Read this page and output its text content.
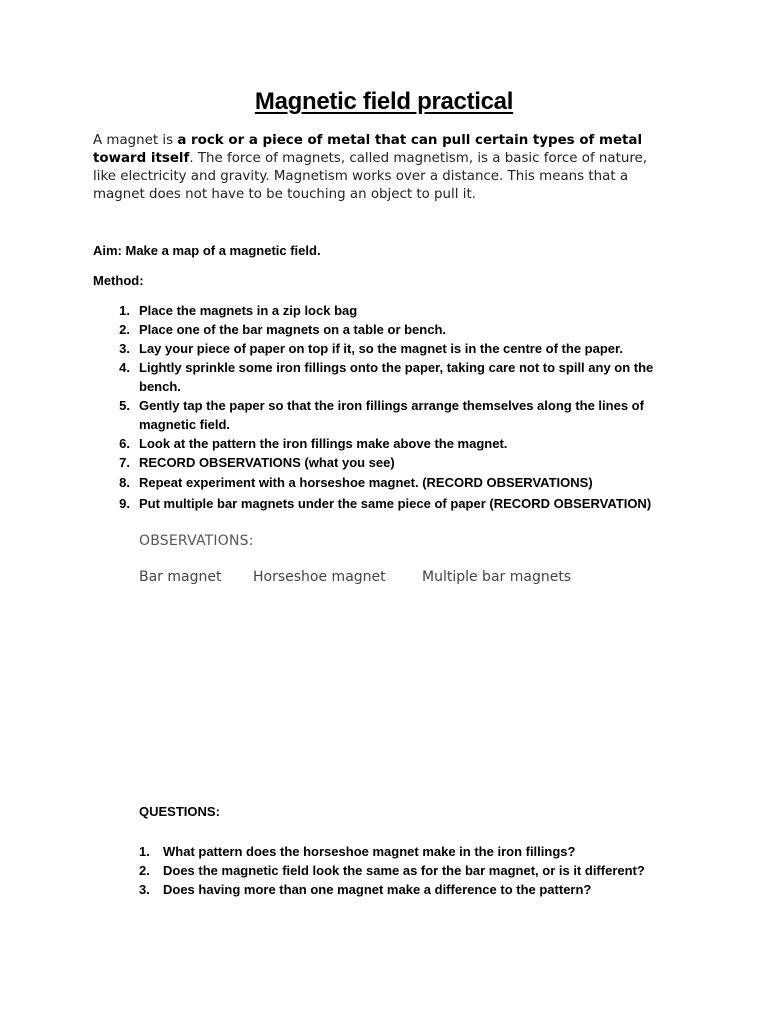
Magnetic field practical

A magnet is a rock or a piece of metal that can pull certain types of metal toward itself. The force of magnets, called magnetism, is a basic force of nature, like electricity and gravity. Magnetism works over a distance. This means that a magnet does not have to be touching an object to pull it.

Aim: Make a map of a magnetic field.
Method:
1. Place the magnets in a zip lock bag
2. Place one of the bar magnets on a table or bench.
3. Lay your piece of paper on top if it, so the magnet is in the centre of the paper.
4. Lightly sprinkle some iron fillings onto the paper, taking care not to spill any on the bench.
5. Gently tap the paper so that the iron fillings arrange themselves along the lines of magnetic field.
6. Look at the pattern the iron fillings make above the magnet.
7. RECORD OBSERVATIONS (what you see)
8. Repeat experiment with a horseshoe magnet. (RECORD OBSERVATIONS)
9. Put multiple bar magnets under the same piece of paper (RECORD OBSERVATION)
OBSERVATIONS:
Bar magnet Horseshoe magnet	Multiple bar magnets
QUESTIONS:
1. What pattern does the horseshoe magnet make in the iron fillings?
2. Does the magnetic field look the same as for the bar magnet, or is it different?
3. Does having more than one magnet make a difference to the pattern?
